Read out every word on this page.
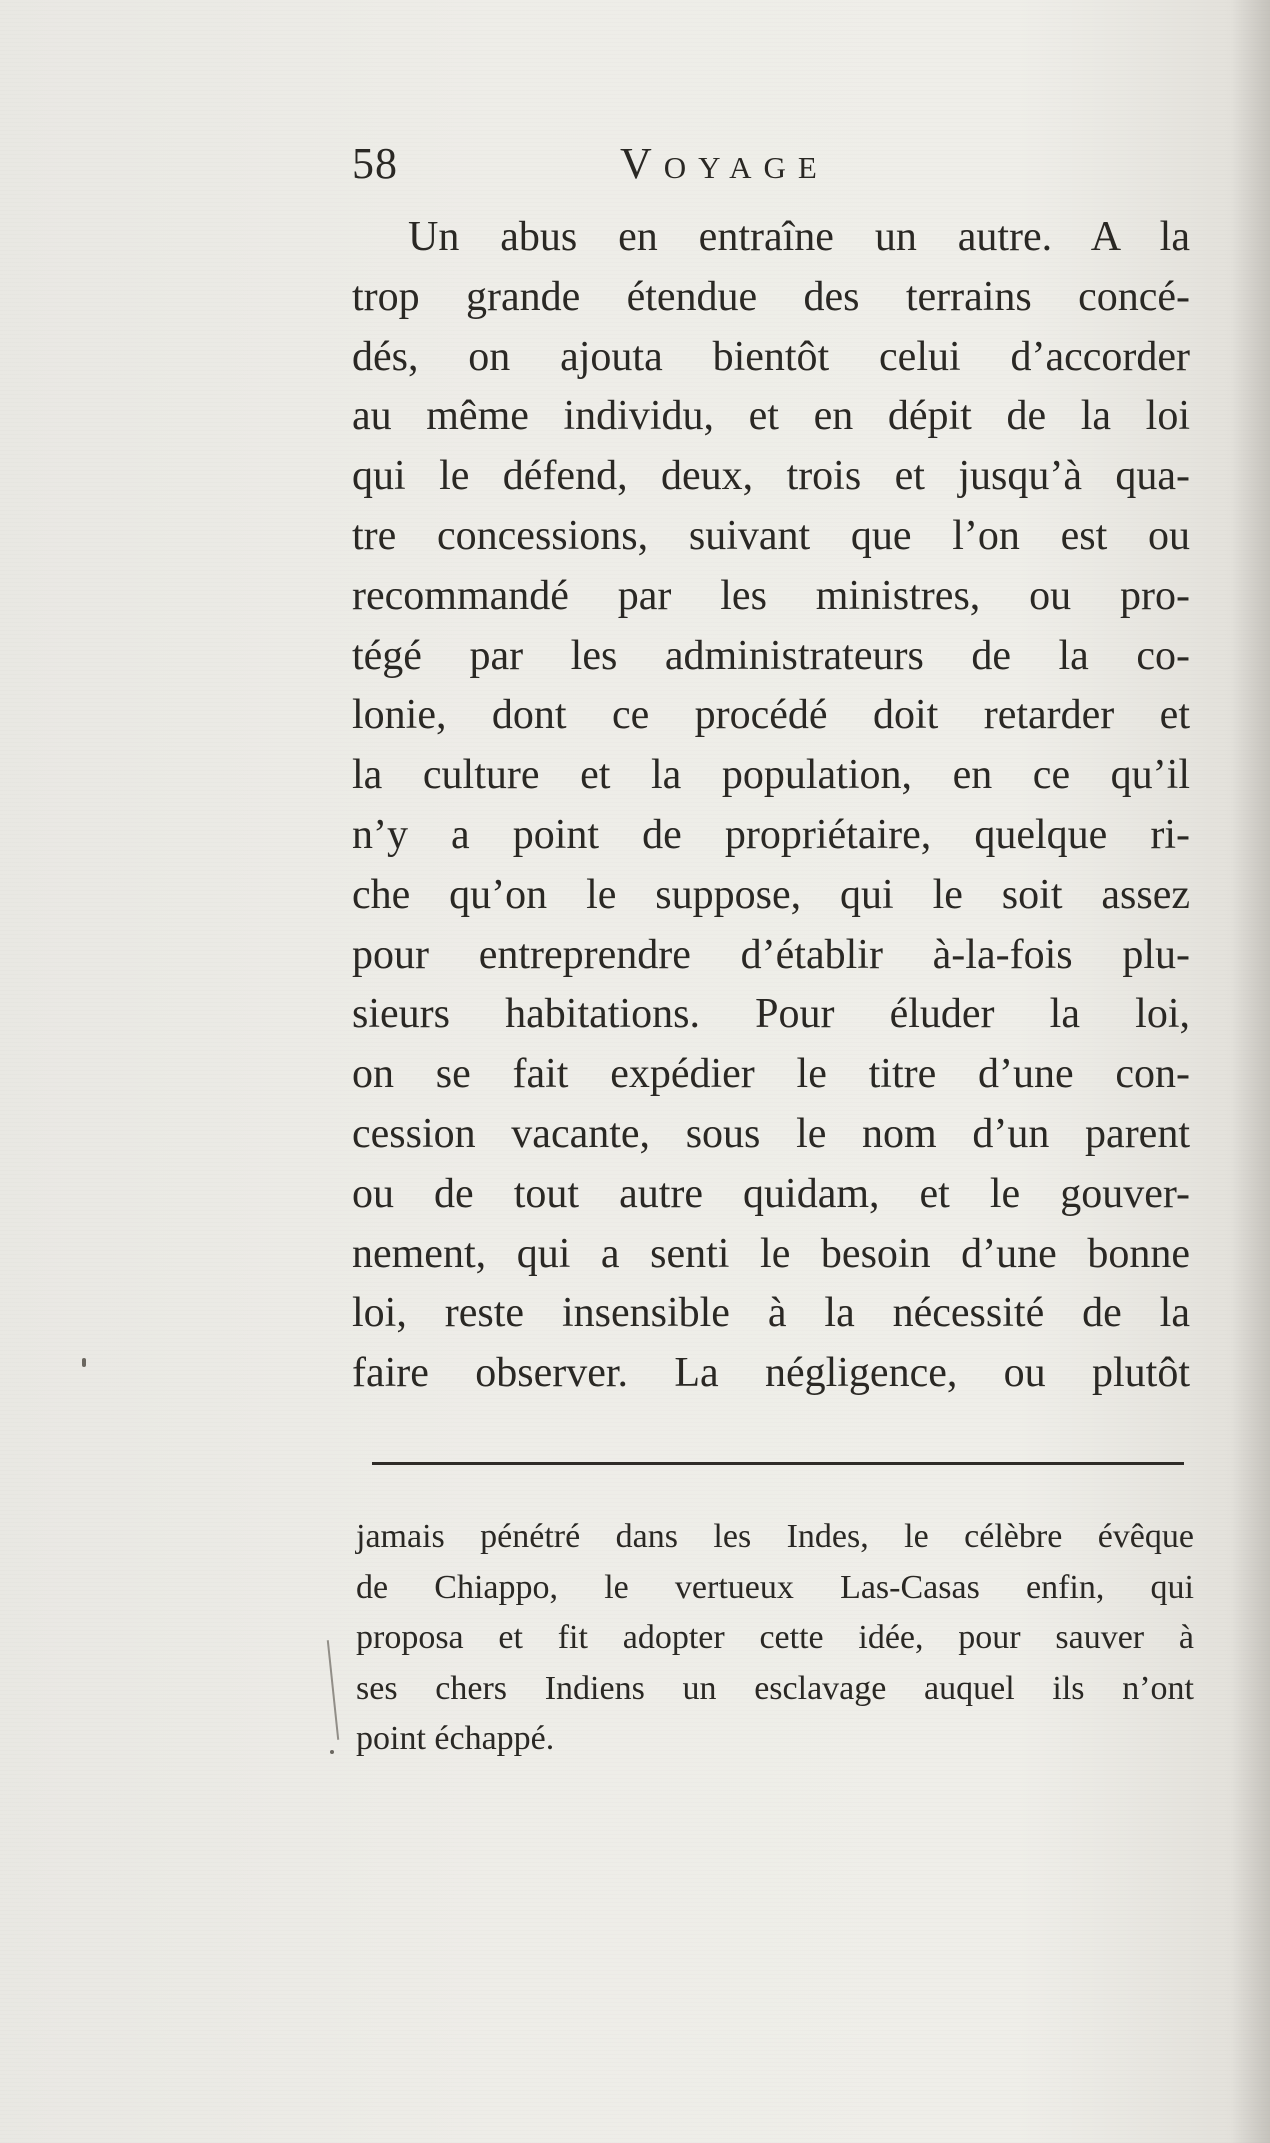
58	Voyage

Un abus en entraîne un autre. A la
trop grande étendue des terrains concé-
dés, on ajouta bientôt celui d’accorder
au même individu, et en dépit de la loi
qui le défend, deux, trois et jusqu’à qua-
tre concessions, suivant que l’on est ou
recommandé par les ministres, ou pro-
tégé par les administrateurs de la co-
lonie, dont ce procédé doit retarder et
la culture et la population, en ce qu’il
n’y a point de propriétaire, quelque ri-
che qu’on le suppose, qui le soit assez
pour entreprendre d’établir à-la-fois plu-
sieurs habitations. Pour éluder la loi,
on se fait expédier le titre d’une con-
cession vacante, sous le nom d’un parent
ou de tout autre quidam, et le gouver-
nement, qui a senti le besoin d’une bonne
loi, reste insensible à la nécessité de la
faire observer. La négligence, ou plutôt

jamais pénétré dans les Indes, le célèbre évêque
de Chiappo, le vertueux Las-Casas enfin, qui
proposa et fit adopter cette idée, pour sauver à
ses chers Indiens un esclavage auquel ils n’ont
point échappé.
